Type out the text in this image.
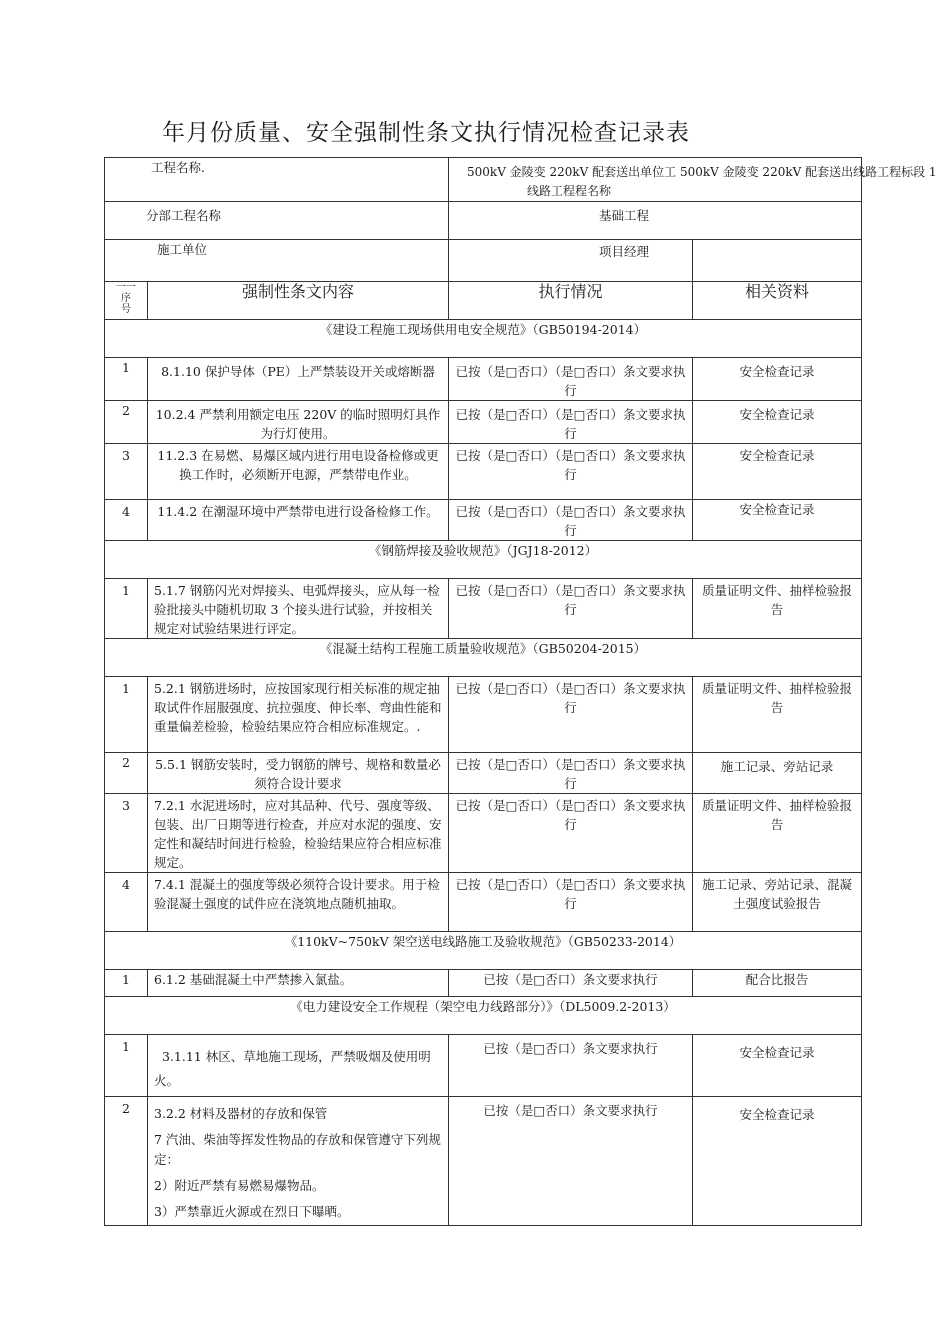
年月份质量、安全强制性条文执行情况检查记录表
工程名称.		500kV 金陵变 220kV 配套送出单位工 500kV 金陵变 220kV 配套送出线路工程标段 1
线路工程程名称	

分部工程名称		基础工程	
施工单位		项目经理	

一一
序
号	强制性条文内容	执行情况	相关资料
《建设工程施工现场供用电安全规范》（GB50194-2014）			
1	8.1.10 保护导体（PE）上严禁装设开关或熔断器	已按（是□否口）（是□否口）条文要求执行	安全检查记录
2	10.2.4 严禁利用额定电压 220V 的临时照明灯具作为行灯使用。	已按（是□否口）（是□否口）条文要求执行	安全检查记录
3	11.2.3 在易燃、易爆区域内进行用电设备检修或更换工作时，必须断开电源，严禁带电作业。	已按（是□否口）（是□否口）条文要求执行	安全检查记录
4	11.4.2 在潮湿环境中严禁带电进行设备检修工作。	已按（是□否口）（是□否口）条文要求执行	安全检查记录
《钢筋焊接及验收规范》（JGJ18-2012）			
1	5.1.7 钢筋闪光对焊接头、电弧焊接头，应从每一检验批接头中随机切取 3 个接头进行试验，并按相关规定对试验结果进行评定。	已按（是□否口）（是□否口）条文要求执行	质量证明文件、抽样检验报告
《混凝土结构工程施工质量验收规范》（GB50204-2015）			
1	5.2.1 钢筋进场时，应按国家现行相关标准的规定抽取试件作屈服强度、抗拉强度、伸长率、弯曲性能和重量偏差检验，检验结果应符合相应标准规定。.	已按（是□否口）（是□否口）条文要求执行	质量证明文件、抽样检验报告
2	5.5.1 钢筋安装时，受力钢筋的牌号、规格和数量必须符合设计要求	已按（是□否口）（是□否口）条文要求执行	施工记录、旁站记录
3	7.2.1 水泥进场时，应对其品种、代号、强度等级、包装、出厂日期等进行检查，并应对水泥的强度、安定性和凝结时间进行检验，检验结果应符合相应标准规定。	已按（是□否口）（是□否口）条文要求执行	质量证明文件、抽样检验报告
4	7.4.1 混凝土的强度等级必须符合设计要求。用于检验混凝土强度的试件应在浇筑地点随机抽取。	已按（是□否口）（是□否口）条文要求执行	施工记录、旁站记录、混凝土强度试验报告
《110kV~750kV 架空送电线路施工及验收规范》（GB50233-2014）			
1	6.1.2 基础混凝土中严禁掺入氯盐。	已按（是□否口）条文要求执行	配合比报告
《电力建设安全工作规程（架空电力线路部分）》（DL5009.2-2013）			
1	3.1.11 林区、草地施工现场，严禁吸烟及使用明火。	已按（是□否口）条文要求执行	安全检查记录
2	3.2.2 材料及器材的存放和保管

7 汽油、柴油等挥发性物品的存放和保管遵守下列规定：

2）附近严禁有易燃易爆物品。

3）严禁靠近火源或在烈日下曝晒。	已按（是□否口）条文要求执行	安全检查记录
